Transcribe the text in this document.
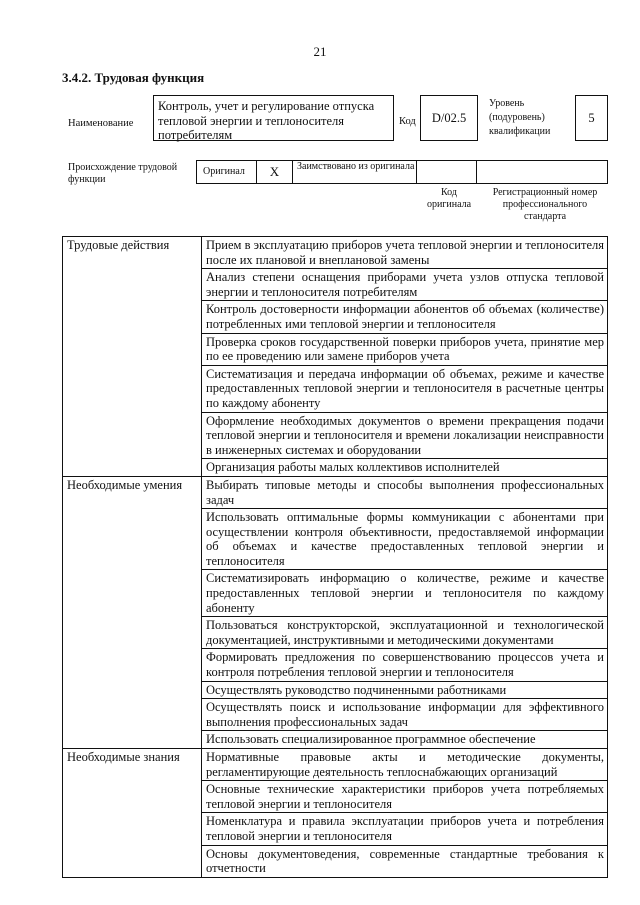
21
3.4.2. Трудовая функция
Наименование
Контроль, учет и регулирование отпуска тепловой энергии и теплоносителя потребителям
Код	D/02.5
Уровень (подуровень) квалификации
5
Происхождение трудовой функции
Оригинал	X	Заимствовано из оригинала
Код оригинала
Регистрационный номер профессионального стандарта
Трудовые действия	Прием в эксплуатацию приборов учета тепловой энергии и теплоносителя после их плановой и внеплановой замены
	Анализ степени оснащения приборами учета узлов отпуска тепловой энергии и теплоносителя потребителям
	Контроль достоверности информации абонентов об объемах (количестве) потребленных ими тепловой энергии и теплоносителя
	Проверка сроков государственной поверки приборов учета, принятие мер по ее проведению или замене приборов учета
	Систематизация и передача информации об объемах, режиме и качестве предоставленных тепловой энергии и теплоносителя в расчетные центры по каждому абоненту
	Оформление необходимых документов о времени прекращения подачи тепловой энергии и теплоносителя и времени локализации неисправности в инженерных системах и оборудовании
	Организация работы малых коллективов исполнителей
Необходимые умения	Выбирать типовые методы и способы выполнения профессиональных задач
	Использовать оптимальные формы коммуникации с абонентами при осуществлении контроля объективности, предоставляемой информации об объемах и качестве предоставленных тепловой энергии и теплоносителя
	Систематизировать информацию о количестве, режиме и качестве предоставленных тепловой энергии и теплоносителя по каждому абоненту
	Пользоваться конструкторской, эксплуатационной и технологической документацией, инструктивными и методическими документами
	Формировать предложения по совершенствованию процессов учета и контроля потребления тепловой энергии и теплоносителя
	Осуществлять руководство подчиненными работниками
	Осуществлять поиск и использование информации для эффективного выполнения профессиональных задач
	Использовать специализированное программное обеспечение
Необходимые знания	Нормативные правовые акты и методические документы, регламентирующие деятельность теплоснабжающих организаций
	Основные технические характеристики приборов учета потребляемых тепловой энергии и теплоносителя
	Номенклатура и правила эксплуатации приборов учета и потребления тепловой энергии и теплоносителя
	Основы документоведения, современные стандартные требования к отчетности
